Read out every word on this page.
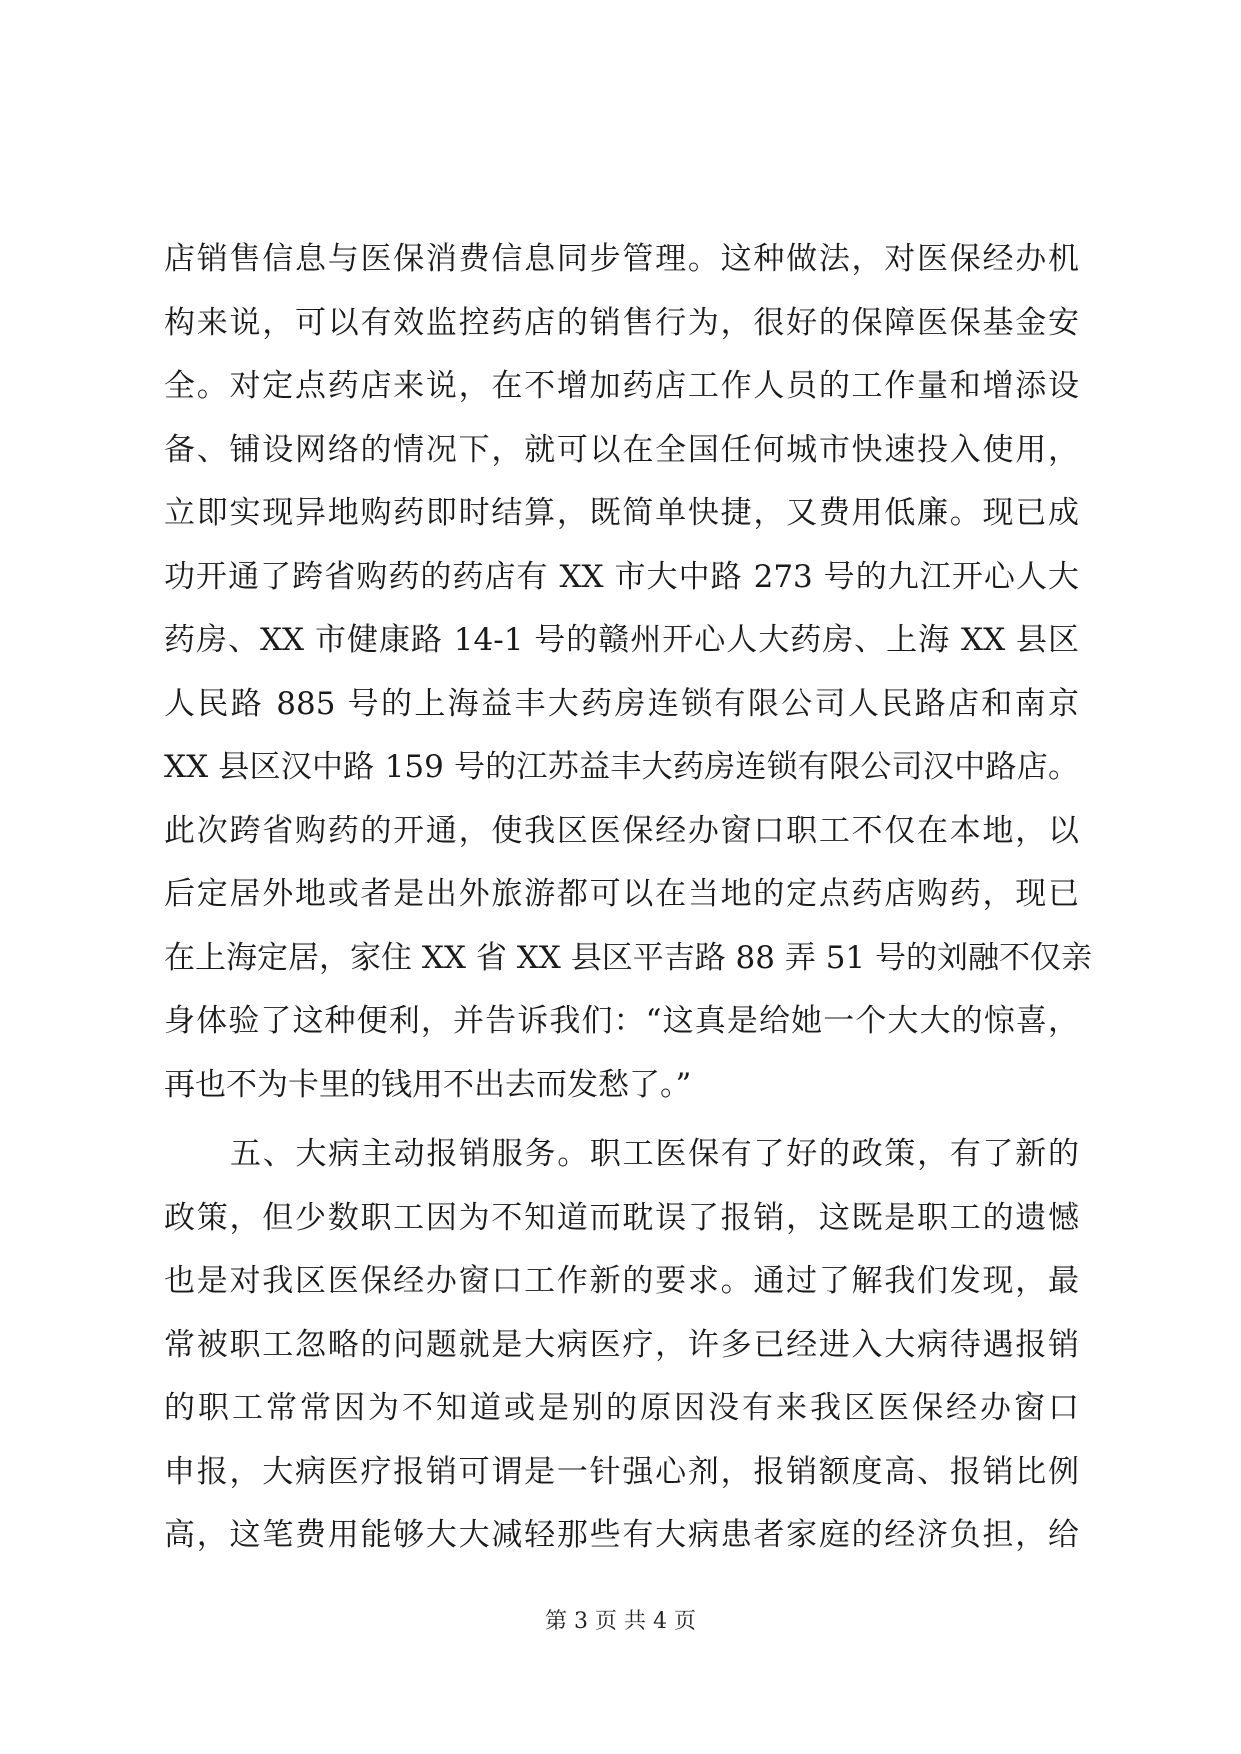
店销售信息与医保消费信息同步管理。这种做法，对医保经办机
构来说，可以有效监控药店的销售行为，很好的保障医保基金安
全。对定点药店来说，在不增加药店工作人员的工作量和增添设
备、铺设网络的情况下，就可以在全国任何城市快速投入使用，
立即实现异地购药即时结算，既简单快捷，又费用低廉。现已成
功开通了跨省购药的药店有 XX 市大中路 273 号的九江开心人大
药房、XX 市健康路 14-1 号的赣州开心人大药房、上海 XX 县区
人民路 885 号的上海益丰大药房连锁有限公司人民路店和南京
XX 县区汉中路 159 号的江苏益丰大药房连锁有限公司汉中路店。
此次跨省购药的开通，使我区医保经办窗口职工不仅在本地，以
后定居外地或者是出外旅游都可以在当地的定点药店购药，现已
在上海定居，家住 XX 省 XX 县区平吉路 88 弄 51 号的刘融不仅亲
身体验了这种便利，并告诉我们：“这真是给她一个大大的惊喜，
再也不为卡里的钱用不出去而发愁了。”
五、大病主动报销服务。职工医保有了好的政策，有了新的
政策，但少数职工因为不知道而耽误了报销，这既是职工的遗憾
也是对我区医保经办窗口工作新的要求。通过了解我们发现，最
常被职工忽略的问题就是大病医疗，许多已经进入大病待遇报销
的职工常常因为不知道或是别的原因没有来我区医保经办窗口
申报，大病医疗报销可谓是一针强心剂，报销额度高、报销比例
高，这笔费用能够大大减轻那些有大病患者家庭的经济负担，给
第 3 页 共 4 页
